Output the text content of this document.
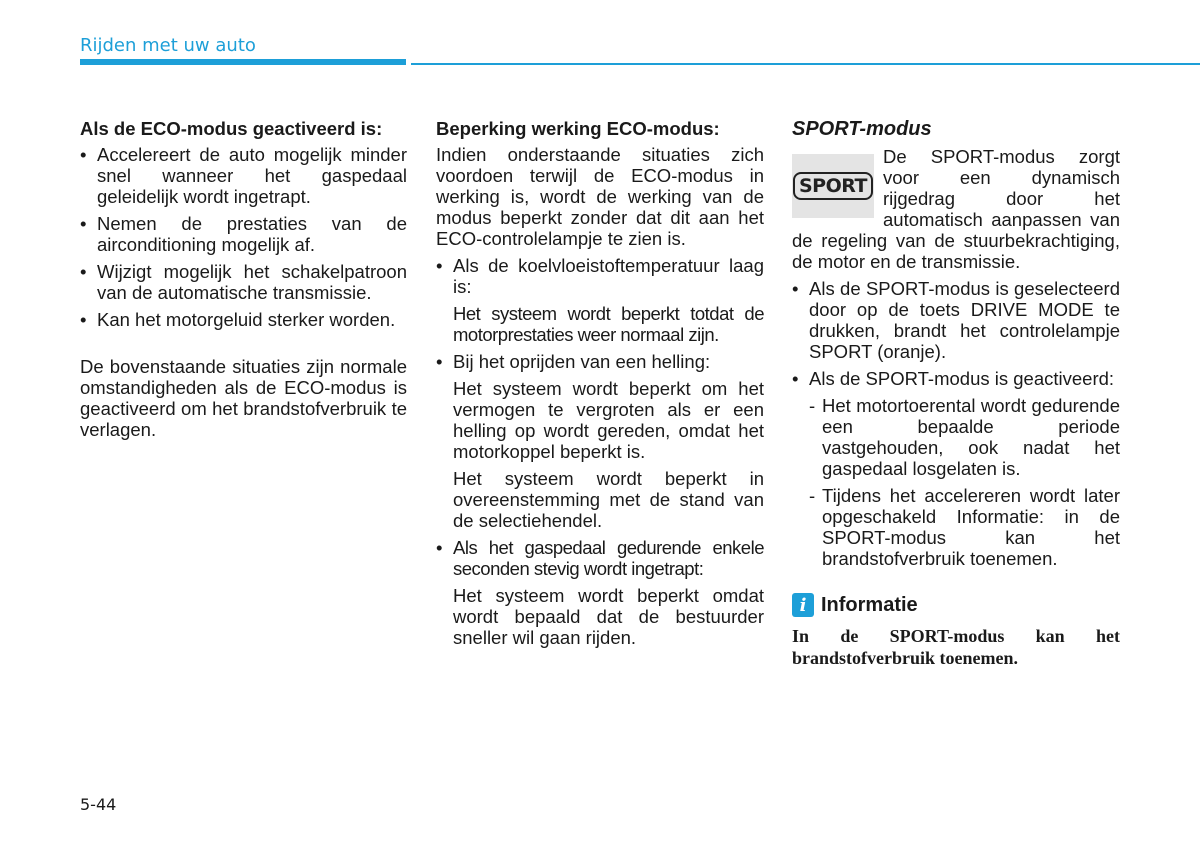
Rijden met uw auto
Als de ECO-modus geactiveerd is:
• Accelereert de auto mogelijk minder snel wanneer het gaspedaal geleidelijk wordt ingetrapt.
• Nemen de prestaties van de airconditioning mogelijk af.
• Wijzigt mogelijk het schakelpatroon van de automatische transmissie.
• Kan het motorgeluid sterker worden.

De bovenstaande situaties zijn normale omstandigheden als de ECO-modus is geactiveerd om het brandstofverbruik te verlagen.

Beperking werking ECO-modus:

Indien onderstaande situaties zich voordoen terwijl de ECO-modus in werking is, wordt de werking van de modus beperkt zonder dat dit aan het ECO-controlelampje te zien is.

• Als de koelvloeistoftemperatuur laag is:

Het systeem wordt beperkt totdat de motorprestaties weer normaal zijn.

• Bij het oprijden van een helling:

Het systeem wordt beperkt om het vermogen te vergroten als er een helling op wordt gereden, omdat het motorkoppel beperkt is.

Het systeem wordt beperkt in overeenstemming met de stand van de selectiehendel.

• Als het gaspedaal gedurende enkele seconden stevig wordt ingetrapt:

Het systeem wordt beperkt omdat wordt bepaald dat de bestuurder sneller wil gaan rijden.

SPORT-modus
SPORT

De SPORT-modus zorgt voor een dynamisch rijgedrag door het automatisch aanpassen van de regeling van de stuurbekrachtiging, de motor en de transmissie.

• Als de SPORT-modus is geselecteerd door op de toets DRIVE MODE te drukken, brandt het controlelampje SPORT (oranje).
• Als de SPORT-modus is geactiveerd:
- Het motortoerental wordt gedurende een bepaalde periode vastgehouden, ook nadat het gaspedaal losgelaten is.
- Tijdens het accelereren wordt later opgeschakeld Informatie: in de SPORT-modus kan het brandstofverbruik toenemen.
i Informatie

In de SPORT-modus kan het brandstofverbruik toenemen.

5-44
